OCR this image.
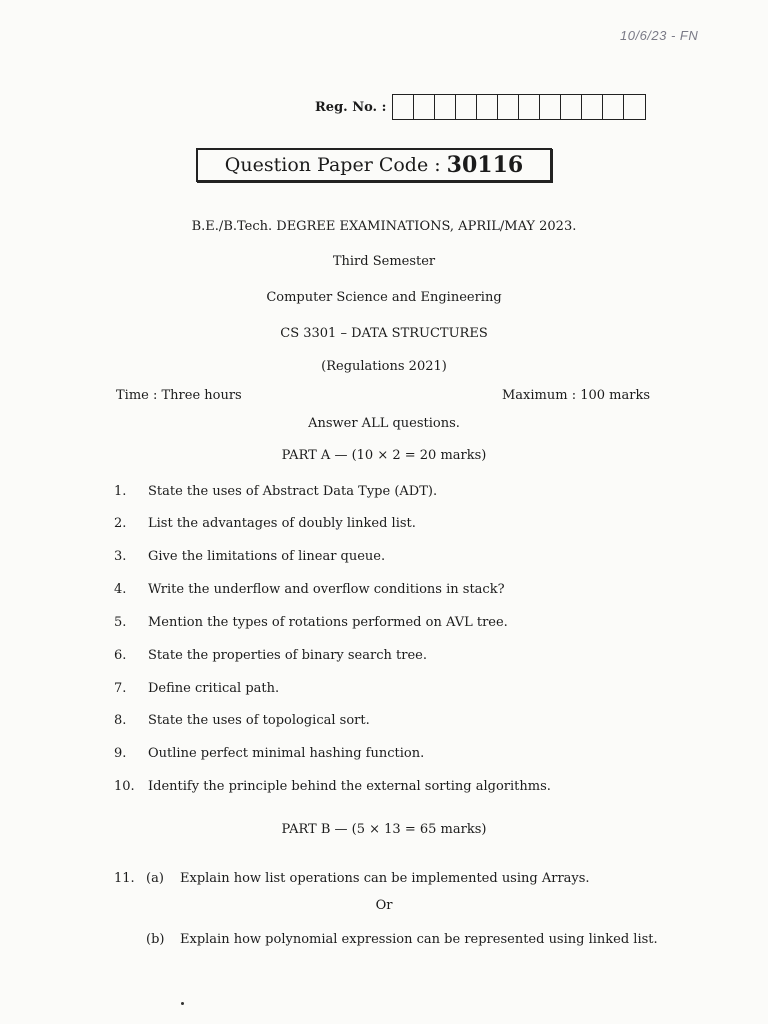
10/6/23 - FN
Reg. No. :
Question Paper Code : 30116
B.E./B.Tech. DEGREE EXAMINATIONS, APRIL/MAY 2023.
Third Semester
Computer Science and Engineering
CS 3301 – DATA STRUCTURES
(Regulations 2021)
Time : Three hours	Maximum : 100 marks
Answer ALL questions.
PART A — (10 × 2 = 20 marks)
1.	State the uses of Abstract Data Type (ADT).
2.	List the advantages of doubly linked list.
3.	Give the limitations of linear queue.
4.	Write the underflow and overflow conditions in stack?
5.	Mention the types of rotations performed on AVL tree.
6.	State the properties of binary search tree.
7.	Define critical path.
8.	State the uses of topological sort.
9.	Outline perfect minimal hashing function.
10.	Identify the principle behind the external sorting algorithms.
PART B — (5 × 13 = 65 marks)
11. (a)	Explain how list operations can be implemented using Arrays.
Or
(b)	Explain how polynomial expression can be represented using linked list.
